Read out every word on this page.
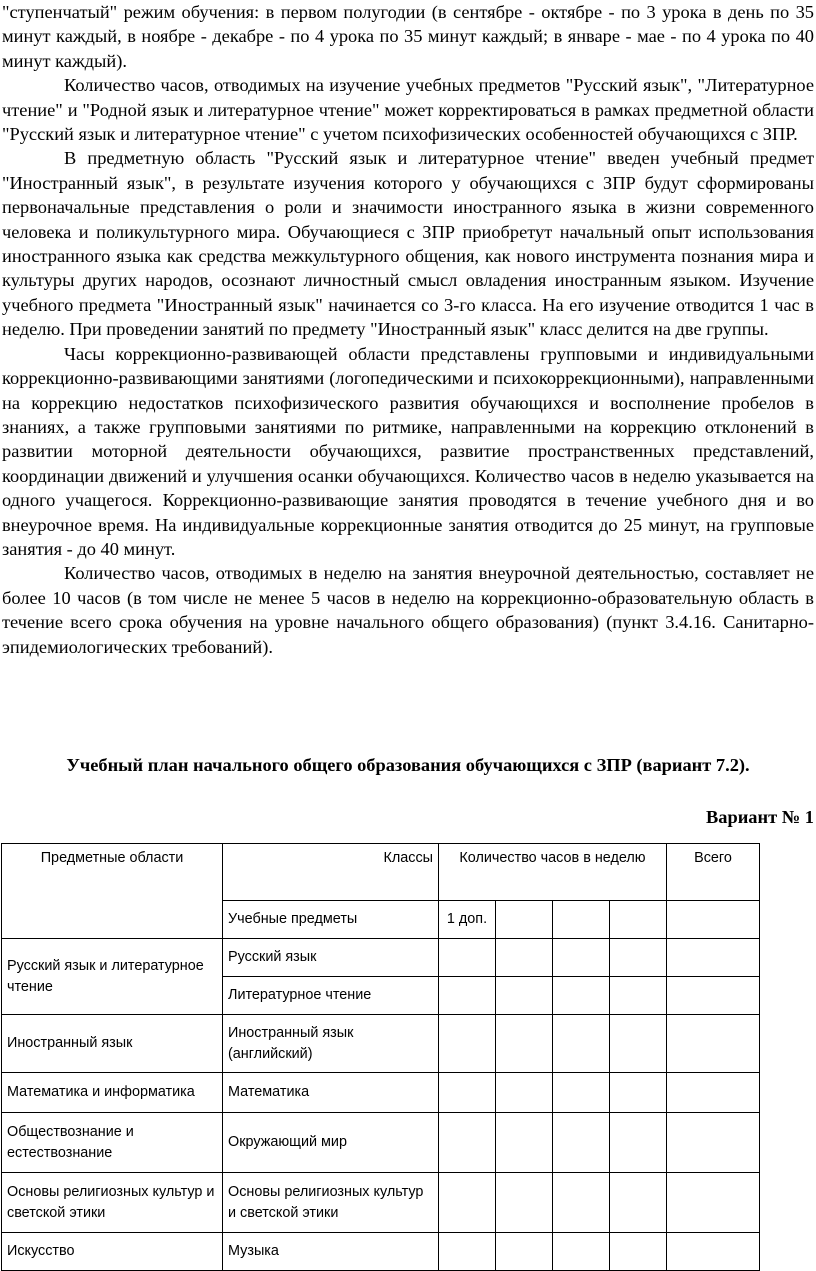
"ступенчатый" режим обучения: в первом полугодии (в сентябре - октябре - по 3 урока в день по 35 минут каждый, в ноябре - декабре - по 4 урока по 35 минут каждый; в январе - мае - по 4 урока по 40 минут каждый).

Количество часов, отводимых на изучение учебных предметов "Русский язык", "Литературное чтение" и "Родной язык и литературное чтение" может корректироваться в рамках предметной области "Русский язык и литературное чтение" с учетом психофизических особенностей обучающихся с ЗПР.

В предметную область "Русский язык и литературное чтение" введен учебный предмет "Иностранный язык", в результате изучения которого у обучающихся с ЗПР будут сформированы первоначальные представления о роли и значимости иностранного языка в жизни современного человека и поликультурного мира. Обучающиеся с ЗПР приобретут начальный опыт использования иностранного языка как средства межкультурного общения, как нового инструмента познания мира и культуры других народов, осознают личностный смысл овладения иностранным языком. Изучение учебного предмета "Иностранный язык" начинается со 3-го класса. На его изучение отводится 1 час в неделю. При проведении занятий по предмету "Иностранный язык" класс делится на две группы.

Часы коррекционно-развивающей области представлены групповыми и индивидуальными коррекционно-развивающими занятиями (логопедическими и психокоррекционными), направленными на коррекцию недостатков психофизического развития обучающихся и восполнение пробелов в знаниях, а также групповыми занятиями по ритмике, направленными на коррекцию отклонений в развитии моторной деятельности обучающихся, развитие пространственных представлений, координации движений и улучшения осанки обучающихся. Количество часов в неделю указывается на одного учащегося. Коррекционно-развивающие занятия проводятся в течение учебного дня и во внеурочное время. На индивидуальные коррекционные занятия отводится до 25 минут, на групповые занятия - до 40 минут.

Количество часов, отводимых в неделю на занятия внеурочной деятельностью, составляет не более 10 часов (в том числе не менее 5 часов в неделю на коррекционно-образовательную область в течение всего срока обучения на уровне начального общего образования) (пункт 3.4.16. Санитарно-эпидемиологических требований).

Учебный план начального общего образования обучающихся с ЗПР (вариант 7.2).
Вариант № 1
Предметные области	Классы	Количество часов в неделю				Всего
	Учебные предметы	1 доп.				
Русский язык и литературное чтение	Русский язык					
	Литературное чтение					
Иностранный язык	Иностранный язык (английский)					
Математика и информатика	Математика					
Обществознание и естествознание	Окружающий мир					
Основы религиозных культур и светской этики	Основы религиозных культур и светской этики					
Искусство	Музыка					
